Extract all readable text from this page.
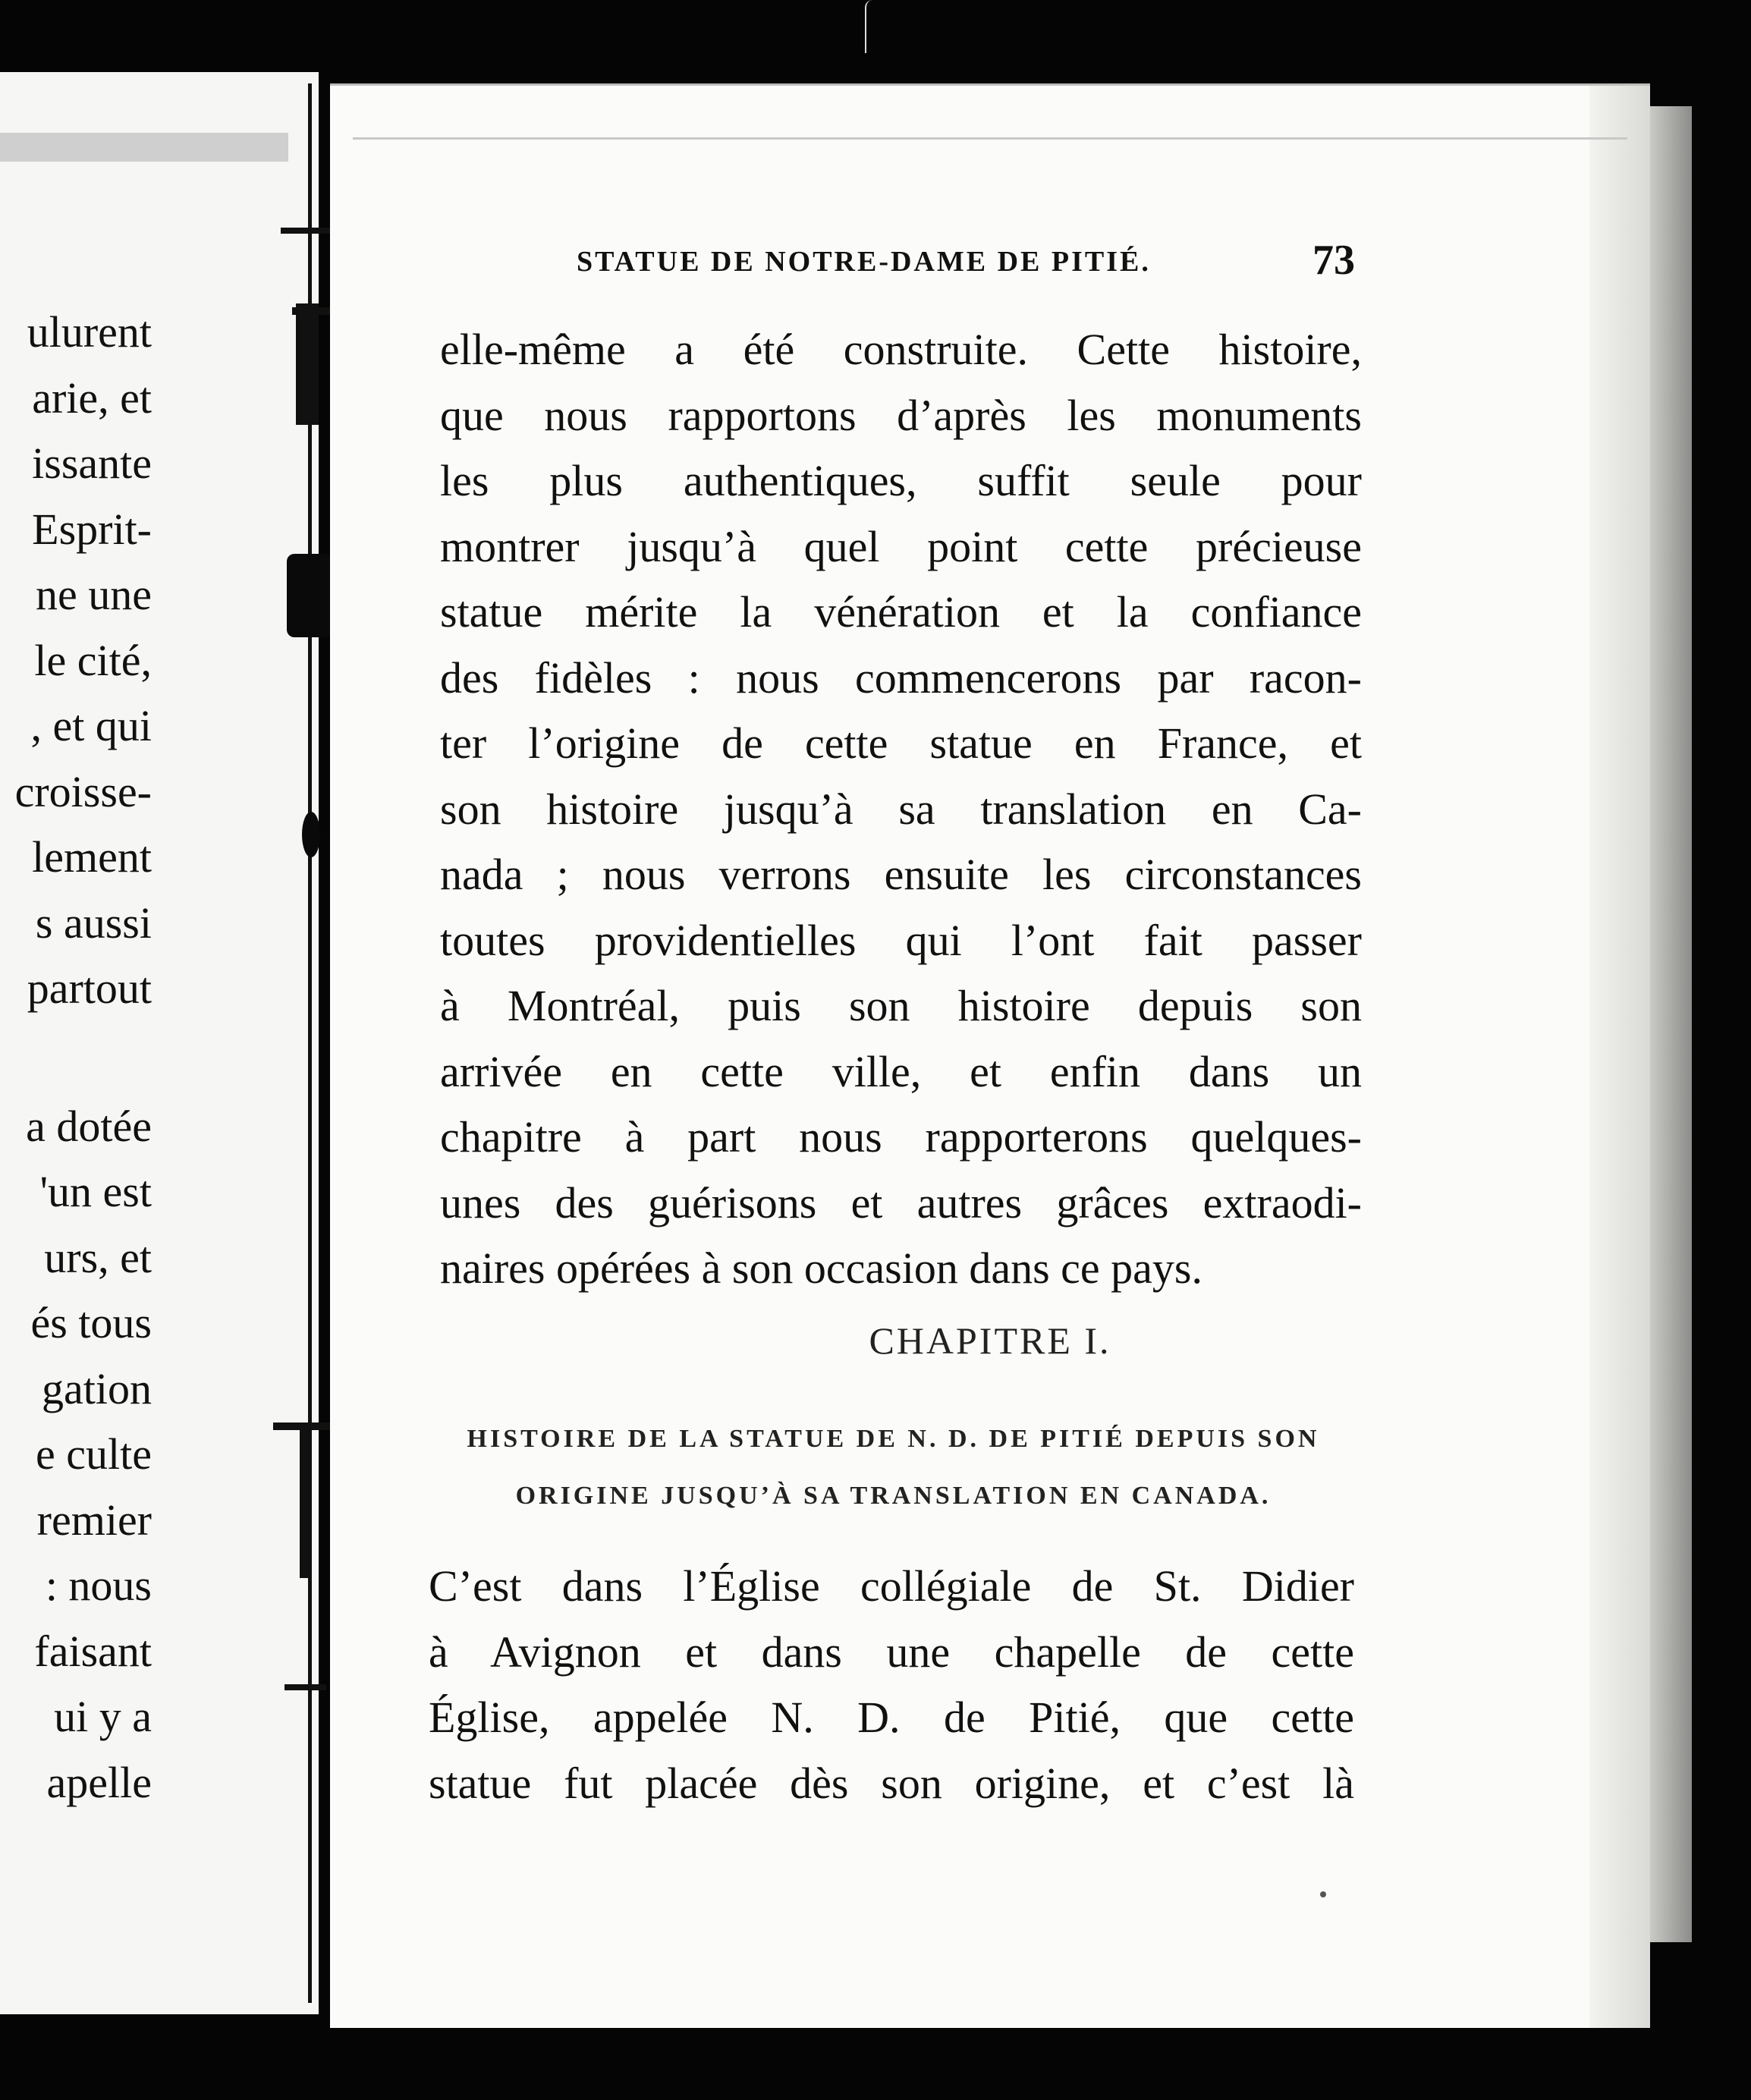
ulurent
arie, et
issante
Esprit-
ne une
le cité,
, et qui
croisse-
lement
s aussi
partout
a dotée
'un est
urs, et
és tous
gation
e culte
remier
: nous
faisant
ui y a
apelle
STATUE DE NOTRE-DAME DE PITIÉ.	73
elle-même a été construite. Cette histoire,
que nous rapportons d’après les monuments
les plus authentiques, suffit seule pour
montrer jusqu’à quel point cette précieuse
statue mérite la vénération et la confiance
des fidèles : nous commencerons par racon-
ter l’origine de cette statue en France, et
son histoire jusqu’à sa translation en Ca-
nada ; nous verrons ensuite les circonstances
toutes providentielles qui l’ont fait passer
à Montréal, puis son histoire depuis son
arrivée en cette ville, et enfin dans un
chapitre à part nous rapporterons quelques-
unes des guérisons et autres grâces extraodi-
naires opérées à son occasion dans ce pays.
CHAPITRE I.
HISTOIRE DE LA STATUE DE N. D. DE PITIÉ DEPUIS SON
ORIGINE JUSQU’À SA TRANSLATION EN CANADA.
C’est dans l’Église collégiale de St. Didier
à Avignon et dans une chapelle de cette
Église, appelée N. D. de Pitié, que cette
statue fut placée dès son origine, et c’est là
